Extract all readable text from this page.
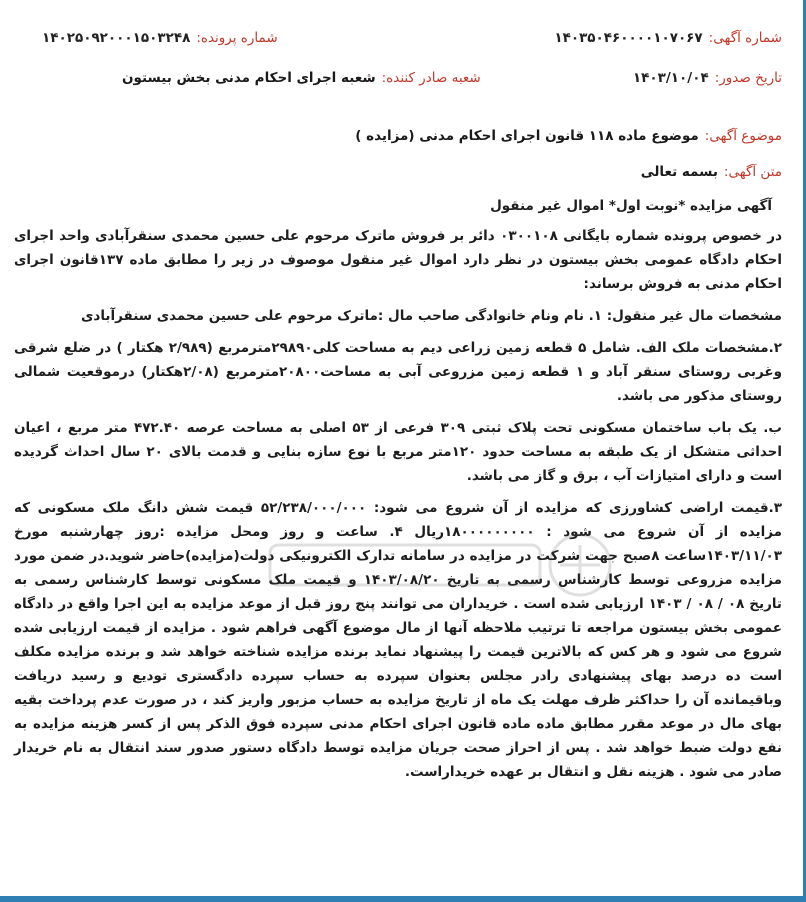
شماره آگهی:
۱۴۰۳۵۰۴۶۰۰۰۰۱۰۷۰۶۷
شماره پرونده:
۱۴۰۲۵۰۹۲۰۰۰۱۵۰۳۲۴۸
تاریخ صدور:
۱۴۰۳/۱۰/۰۴
شعبه صادر کننده:
شعبه اجرای احکام مدنی بخش بیستون
موضوع آگهی:
موضوع ماده ۱۱۸ قانون اجرای احکام مدنی (مزایده )
متن آگهی:
بسمه تعالی

آگهی مزایده *نوبت اول* اموال غیر منقول

در خصوص پرونده شماره بایگانی ۰۳۰۰۱۰۸ دائر بر فروش ماترک مرحوم علی حسین محمدی سنقرآبادی واحد اجرای احکام دادگاه عمومی بخش بیستون در نظر دارد اموال غیر منقول موصوف در زیر را مطابق ماده ۱۳۷قانون اجرای احکام مدنی به فروش برساند:

مشخصات مال غیر منقول: ۱. نام ونام خانوادگی صاحب مال :ماترک مرحوم علی حسین محمدی سنقرآبادی

۲.مشخصات ملک الف. شامل ۵ قطعه زمین زراعی دیم به مساحت کلی۲۹۸۹۰مترمربع (۲/۹۸۹ هکتار ) در ضلع شرقی وغربی روستای سنقر آباد و ۱ قطعه زمین مزروعی آبی به مساحت۲۰۸۰۰مترمربع (۲/۰۸هکتار) درموقعیت شمالی روستای مذکور می باشد.

ب. یک باب ساختمان مسکونی تحت پلاک ثبتی ۳۰۹ فرعی از ۵۳ اصلی به مساحت عرصه ۴۷۲.۴۰ متر مربع ، اعیان احداثی متشکل از یک طبقه به مساحت حدود ۱۲۰متر مربع با نوع سازه بنایی و قدمت بالای ۲۰ سال احداث گردیده است و دارای امتیازات آب ، برق و گاز می باشد.

۳.قیمت اراضی کشاورزی که مزایده از آن شروع می شود: ۵۲/۲۳۸/۰۰۰/۰۰۰ قیمت شش دانگ ملک مسکونی که مزایده از آن شروع می شود : ۱۸۰۰۰۰۰۰۰۰۰ریال ۴. ساعت و روز ومحل مزایده :روز چهارشنبه مورخ ۱۴۰۳/۱۱/۰۳ساعت ۸صبح جهت شرکت در مزایده در سامانه تدارک الکترونیکی دولت(مزایده)حاضر شوید.در ضمن مورد مزایده مزروعی توسط کارشناس رسمی به تاریخ ۱۴۰۳/۰۸/۲۰ و قیمت ملک مسکونی توسط کارشناس رسمی به تاریخ ۰۸ / ۰۸ / ۱۴۰۳ ارزیابی شده است . خریداران می توانند پنج روز قبل از موعد مزایده به این اجرا واقع در دادگاه عمومی بخش بیستون مراجعه تا ترتیب ملاحظه آنها از مال موضوع آگهی فراهم شود . مزایده از قیمت ارزیابی شده شروع می شود و هر کس که بالاترین قیمت را پیشنهاد نماید برنده مزایده شناخته خواهد شد و برنده مزایده مکلف است ده درصد بهای پیشنهادی رادر مجلس بعنوان سپرده به حساب سپرده دادگستری تودیع و رسید دریافت وباقیمانده آن را حداکثر ظرف مهلت یک ماه از تاریخ مزایده به حساب مزبور واریز کند ، در صورت عدم پرداخت بقیه بهای مال در موعد مقرر مطابق ماده ماده قانون اجرای احکام مدنی سپرده فوق الذکر پس از کسر هزینه مزایده به نفع دولت ضبط خواهد شد . پس از احراز صحت جریان مزایده توسط دادگاه دستور صدور سند انتقال به نام خریدار صادر می شود . هزینه نقل و انتقال بر عهده خریداراست.
